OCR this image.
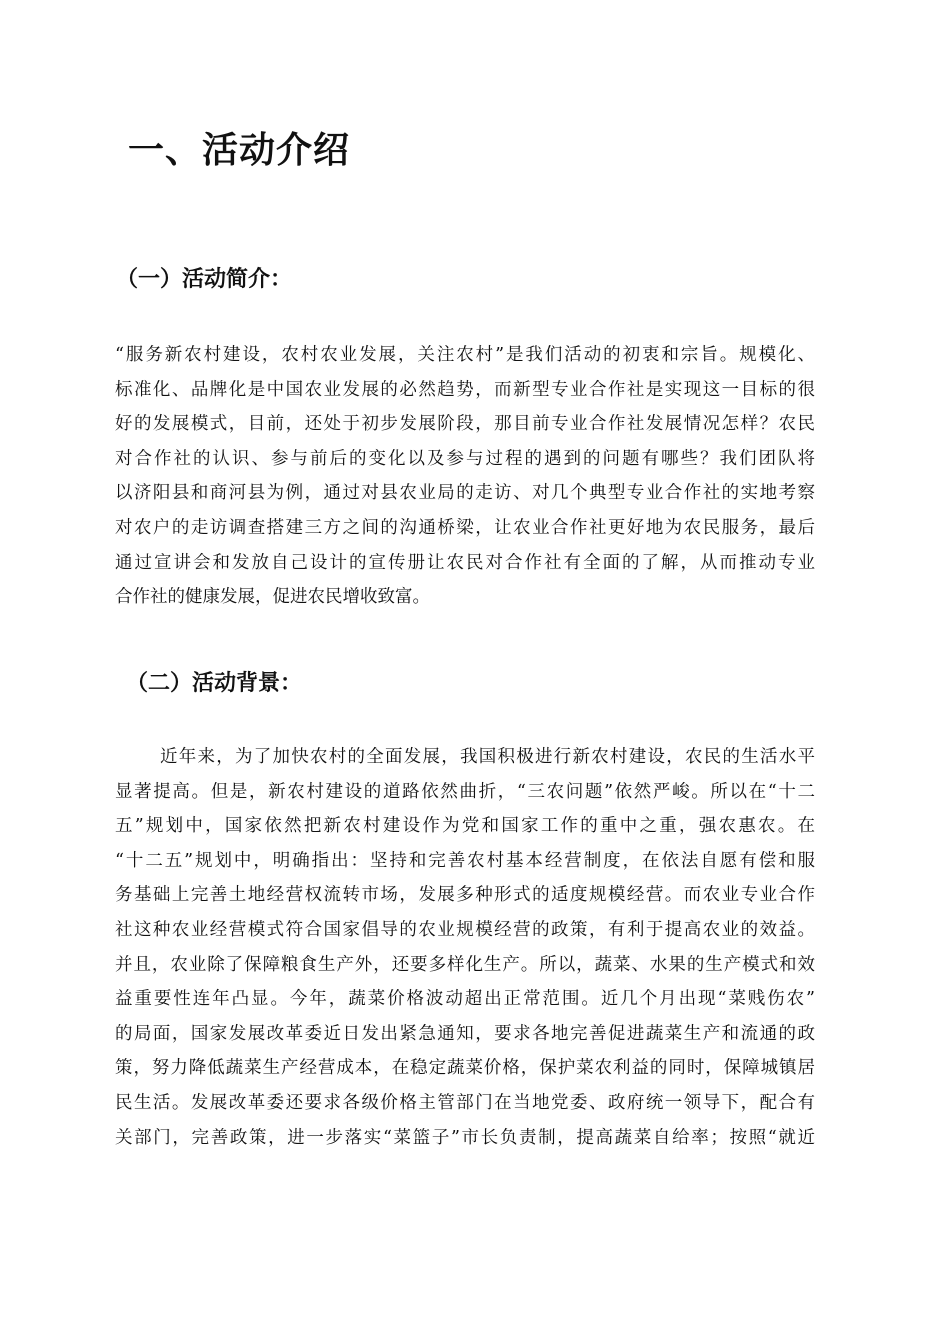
一、活动介绍
（一）活动简介：
“服务新农村建设，农村农业发展，关注农村”是我们活动的初衷和宗旨。规模化、
标准化、品牌化是中国农业发展的必然趋势，而新型专业合作社是实现这一目标的很
好的发展模式，目前，还处于初步发展阶段，那目前专业合作社发展情况怎样？农民
对合作社的认识、参与前后的变化以及参与过程的遇到的问题有哪些？我们团队将
以济阳县和商河县为例，通过对县农业局的走访、对几个典型专业合作社的实地考察
对农户的走访调查搭建三方之间的沟通桥梁，让农业合作社更好地为农民服务，最后
通过宣讲会和发放自己设计的宣传册让农民对合作社有全面的了解，从而推动专业
合作社的健康发展，促进农民增收致富。
（二）活动背景：
近年来，为了加快农村的全面发展，我国积极进行新农村建设，农民的生活水平
显著提高。但是，新农村建设的道路依然曲折，“三农问题”依然严峻。所以在“十二
五”规划中，国家依然把新农村建设作为党和国家工作的重中之重，强农惠农。在
“十二五”规划中，明确指出：坚持和完善农村基本经营制度，在依法自愿有偿和服
务基础上完善土地经营权流转市场，发展多种形式的适度规模经营。而农业专业合作
社这种农业经营模式符合国家倡导的农业规模经营的政策，有利于提高农业的效益。
并且，农业除了保障粮食生产外，还要多样化生产。所以，蔬菜、水果的生产模式和效
益重要性连年凸显。今年，蔬菜价格波动超出正常范围。近几个月出现“菜贱伤农”
的局面，国家发展改革委近日发出紧急通知，要求各地完善促进蔬菜生产和流通的政
策，努力降低蔬菜生产经营成本，在稳定蔬菜价格，保护菜农利益的同时，保障城镇居
民生活。发展改革委还要求各级价格主管部门在当地党委、政府统一领导下，配合有
关部门，完善政策，进一步落实“菜篮子”市长负责制，提高蔬菜自给率；按照“就近
